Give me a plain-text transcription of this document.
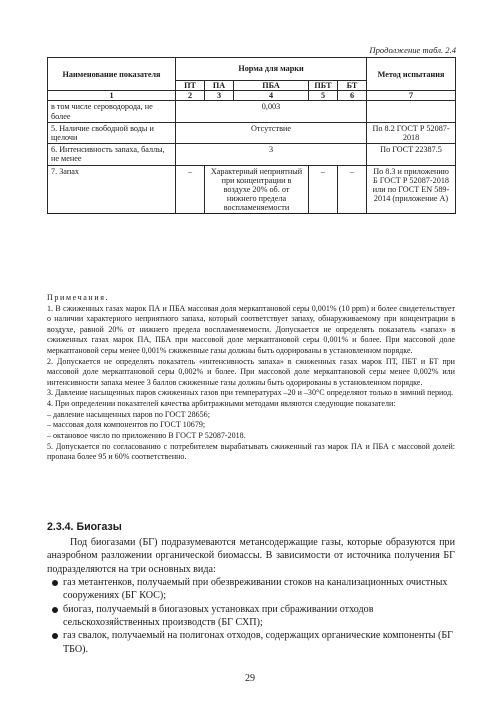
Продолжение табл. 2.4
Наименование показателя	Норма для марки					Метод испытания
	ПТ	ПА	ПБА	ПБТ	БТ	
1	2	3	4	5	6	7
в том числе сероводорода, не более	0,003					
5. Наличие свободной воды и щелочи	Отсутствие					По 8.2 ГОСТ Р 52087-2018
6. Интенсивность запаха, баллы, не менее	3					По ГОСТ 22387.5
7. Запах	–	Характерный неприятный при концентрации в воздухе 20% об. от нижнего предела воспламеняемости		–	–	По 8.3 и приложению Б ГОСТ Р 52087-2018 или по ГОСТ EN 589-2014 (приложение А)

Примечания.

1. В сжиженных газах марок ПА и ПБА массовая доля меркаптановой серы 0,001% (10 ppm) и более свидетельствует о наличии характерного неприятного запаха, который соответствует запаху, обнаруживаемому при концентрации в воздухе, равной 20% от нижнего предела воспламеняемости. Допускается не определять показатель «запах» в сжиженных газах марок ПА, ПБА при массовой доле меркаптановой серы 0,001% и более. При массовой доле меркаптановой серы менее 0,001% сжиженные газы должны быть одорированы в установленном порядке.

2. Допускается не определять показатель «интенсивность запаха» в сжиженных газах марок ПТ, ПБТ и БТ при массовой доле меркаптановой серы 0,002% и более. При массовой доле меркаптановой серы менее 0,002% или интенсивности запаха менее 3 баллов сжиженные газы должны быть одорированы в установленном порядке.

3. Давление насыщенных паров сжиженных газов при температурах –20 и –30°С определяют только в зимний период.

4. При определении показателей качества арбитражными методами являются следующие показатели:

– давление насыщенных паров по ГОСТ 28656;

– массовая доля компонентов по ГОСТ 10679;

– октановое число по приложению В ГОСТ Р 52087-2018.

5. Допускается по согласованию с потребителем вырабатывать сжиженный газ марок ПА и ПБА с массовой долей: пропана более 95 и 60% соответственно.

2.3.4. Биогазы

Под биогазами (БГ) подразумеваются метансодержащие газы, которые образуются при анаэробном разложении органической биомассы. В зависимости от источника получения БГ подразделяются на три основных вида:

газ метантенков, получаемый при обезвреживании стоков на канализационных очистных сооружениях (БГ КОС);
биогаз, получаемый в биогазовых установках при сбраживании отходов сельскохозяйственных производств (БГ СХП);
газ свалок, получаемый на полигонах отходов, содержащих органические компоненты (БГ ТБО).
29
